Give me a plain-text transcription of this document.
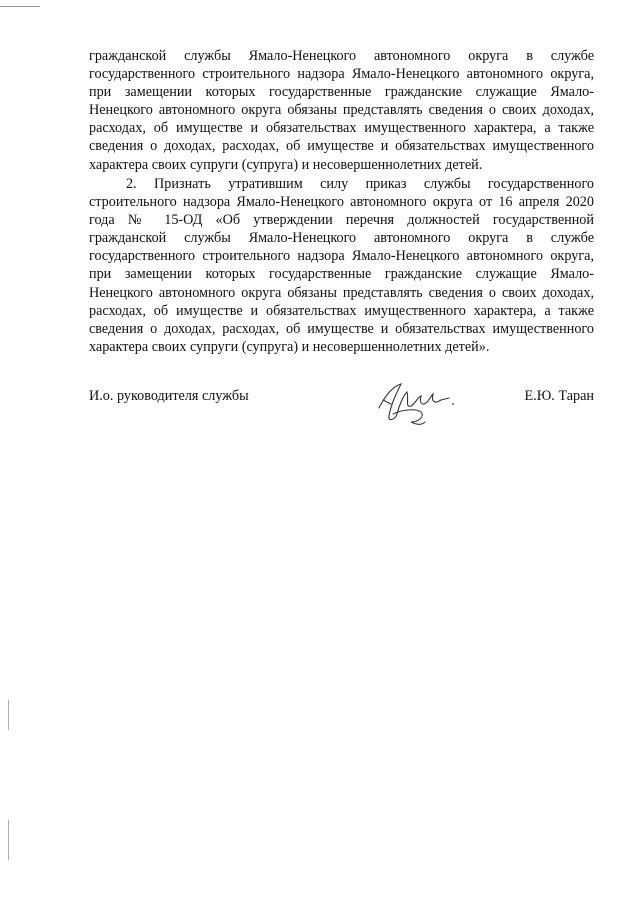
гражданской службы Ямало-Ненецкого автономного округа в службе
государственного строительного надзора Ямало-Ненецкого автономного округа,
при замещении которых государственные гражданские служащие Ямало-
Ненецкого автономного округа обязаны представлять сведения о своих доходах,
расходах, об имуществе и обязательствах имущественного характера, а также
сведения о доходах, расходах, об имуществе и обязательствах имущественного
характера своих супруги (супруга) и несовершеннолетних детей.
2. Признать утратившим силу приказ службы государственного
строительного надзора Ямало-Ненецкого автономного округа от 16 апреля 2020
года № 15-ОД «Об утверждении перечня должностей государственной
гражданской службы Ямало-Ненецкого автономного округа в службе
государственного строительного надзора Ямало-Ненецкого автономного округа,
при замещении которых государственные гражданские служащие Ямало-
Ненецкого автономного округа обязаны представлять сведения о своих доходах,
расходах, об имуществе и обязательствах имущественного характера, а также
сведения о доходах, расходах, об имуществе и обязательствах имущественного
характера своих супруги (супруга) и несовершеннолетних детей».
И.о. руководителя службы	Е.Ю. Таран
